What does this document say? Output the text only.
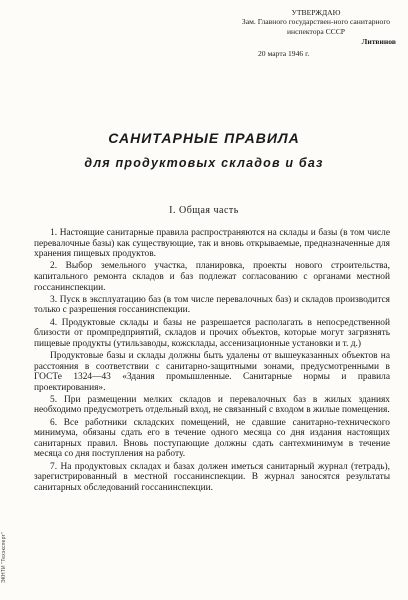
УТВЕРЖДАЮ
Зам. Главного государствен-ного санитарного инспектора СССР
Литвинов
20 марта 1946 г.
САНИТАРНЫЕ ПРАВИЛА
для продуктовых складов и баз
I. Общая часть

1. Настоящие санитарные правила распространяются на склады и базы (в том числе перевалочные базы) как существующие, так и вновь открываемые, предназначенные для хранения пищевых продуктов.

2. Выбор земельного участка, планировка, проекты нового строительства, капитального ремонта складов и баз подлежат согласованию с органами местной госсанинспекции.

3. Пуск в эксплуатацию баз (в том числе перевалочных баз) и складов производится только с разрешения госсанинспекции.

4. Продуктовые склады и базы не разрешается располагать в непосредственной близости от промпредприятий, складов и прочих объектов, которые могут загрязнять пищевые продукты (утильзаводы, кожсклады, ассенизационные установки и т. д.)

Продуктовые базы и склады должны быть удалены от вышеуказанных объектов на расстояния в соответствии с санитарно-защитными зонами, предусмотренными в ГОСТе 1324—43 «Здания промышленные. Санитарные нормы и правила проектирования».

5. При размещении мелких складов и перевалочных баз в жилых зданиях необходимо предусмотреть отдельный вход, не связанный с входом в жилые помещения.

6. Все работники складских помещений, не сдавшие санитарно-технического минимума, обязаны сдать его в течение одного месяца со дня издания настоящих санитарных правил. Вновь поступающие должны сдать сантехминимум в течение месяца со дня поступления на работу.

7. На продуктовых складах и базах должен иметься санитарный журнал (тетрадь), зарегистрированный в местной госсанинспекции. В журнал заносятся результаты санитарных обследований госсанинспекции.

ЭКНТИ "Техэксперт"
